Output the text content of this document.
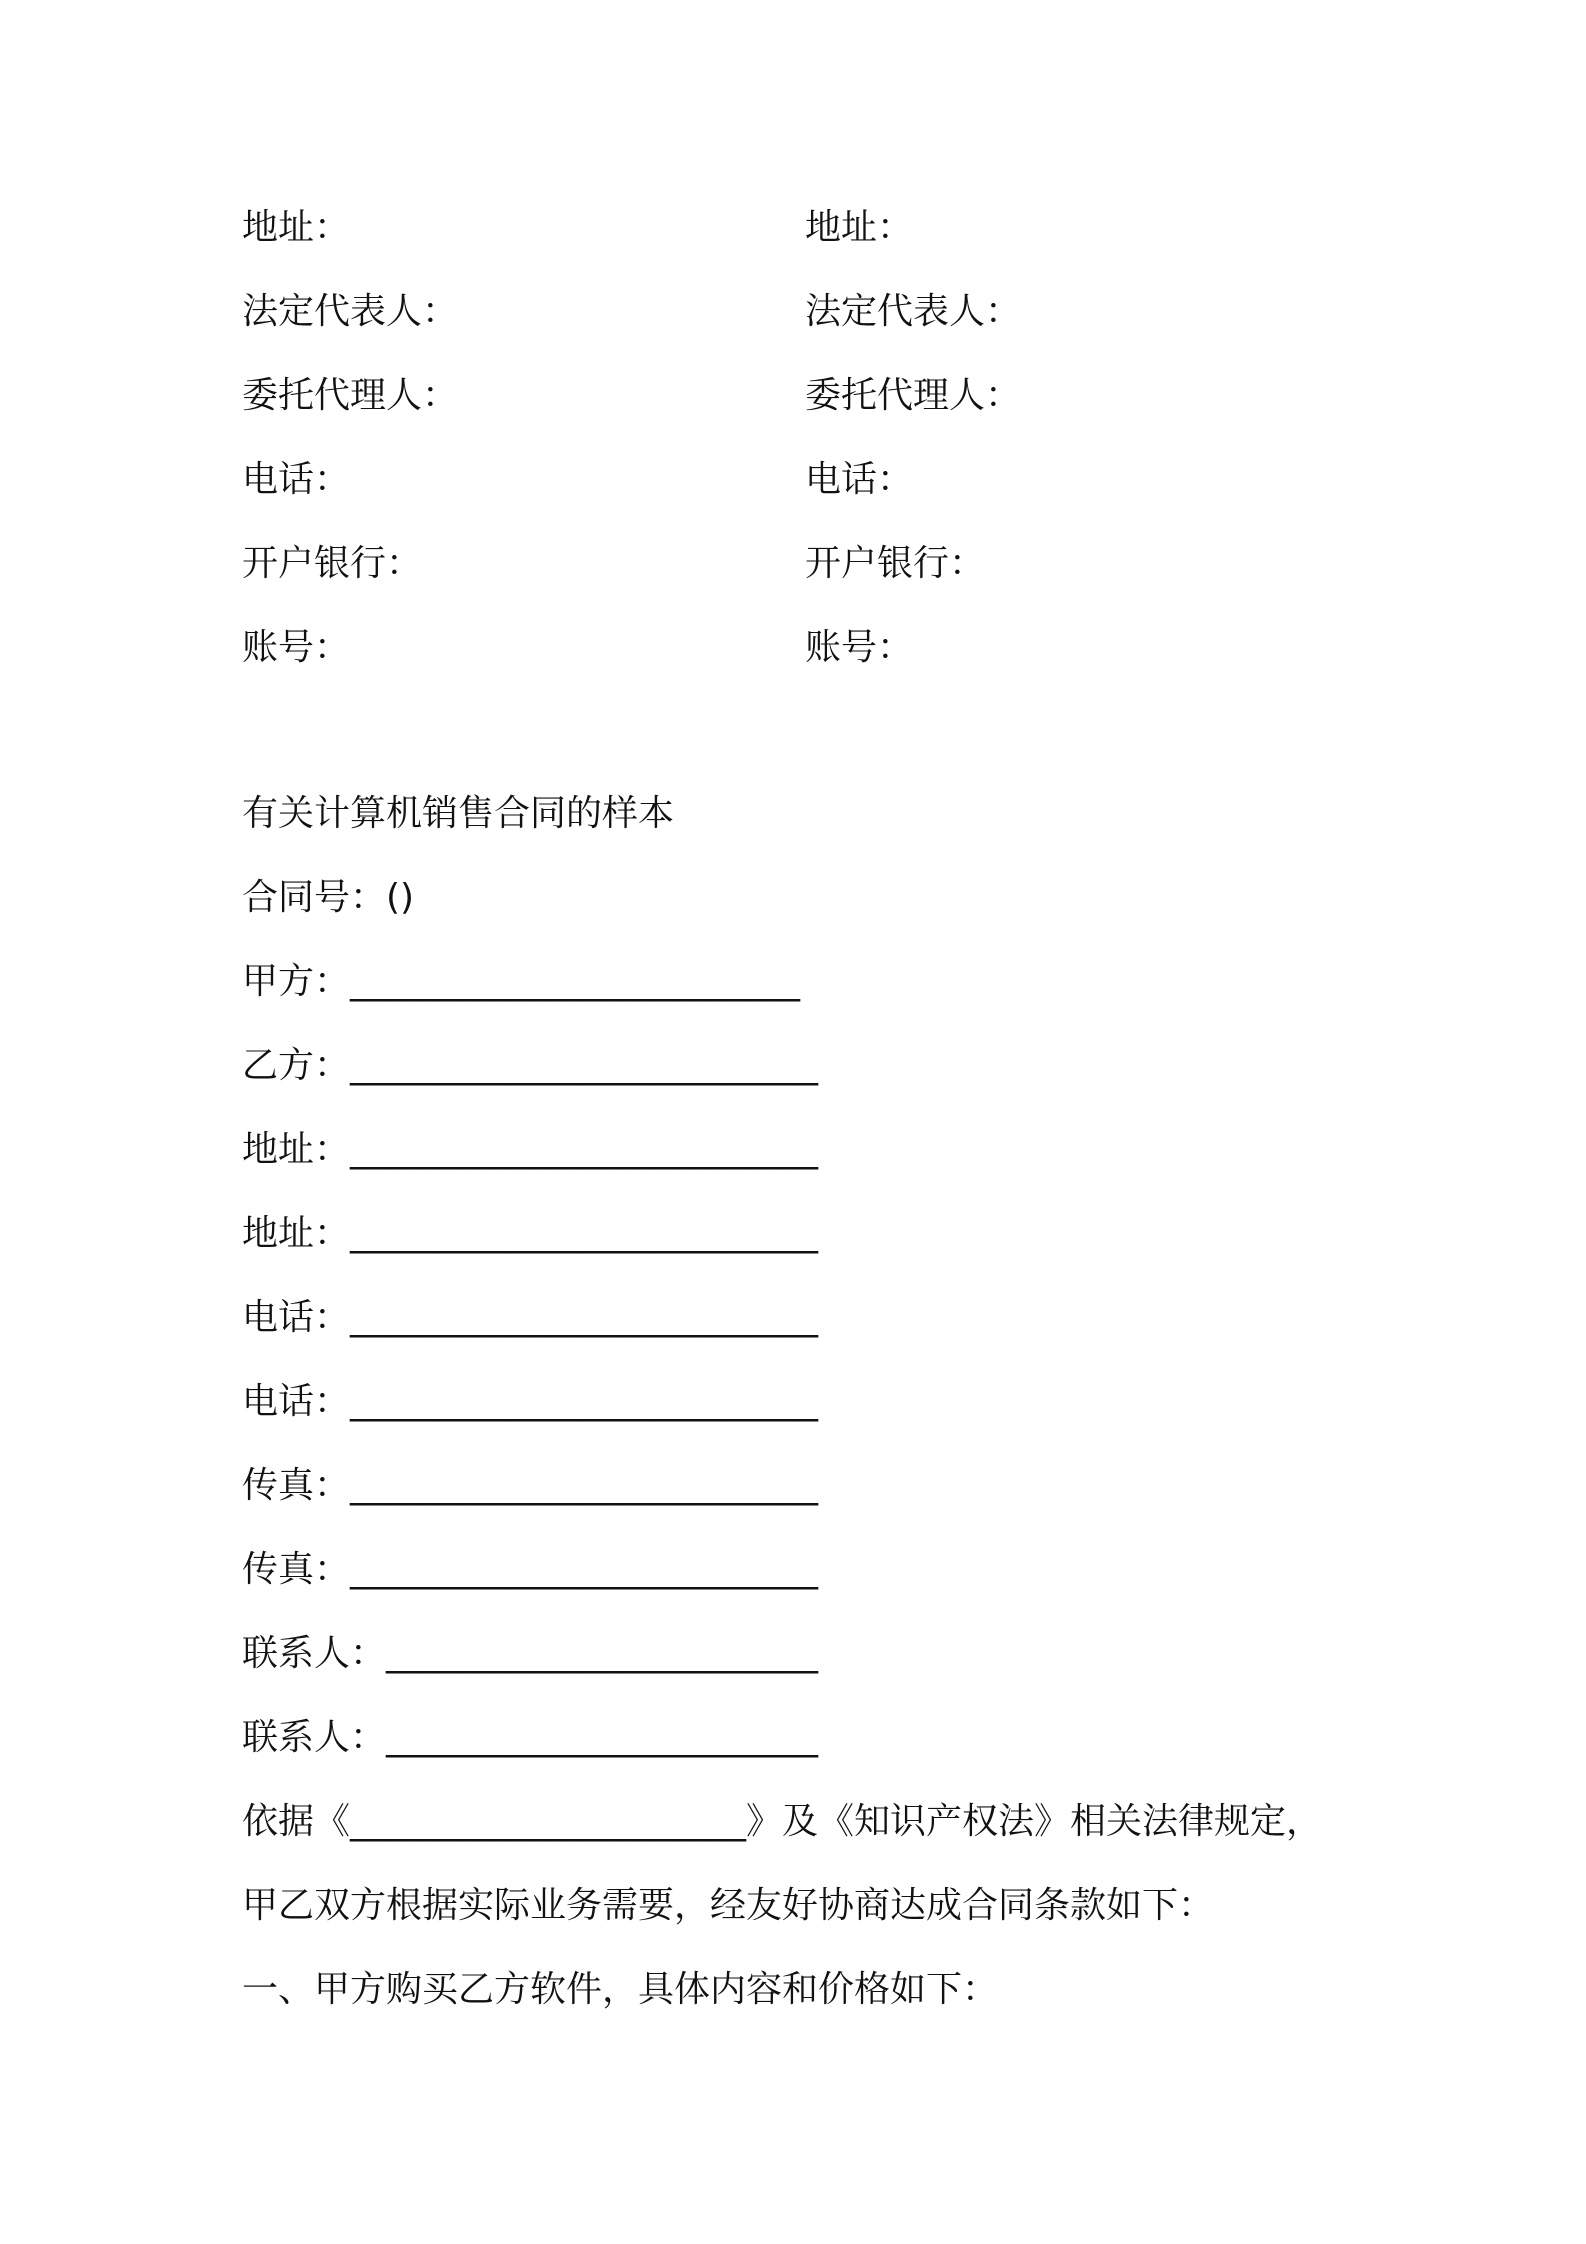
地址：	地址：
法定代表人：	法定代表人：
委托代理人：	委托代理人：
电话：	电话：
开户银行：	开户银行：
账号：	账号：
有关计算机销售合同的样本
合同号：()
甲方：_________________________
乙方：__________________________
地址：__________________________
地址：__________________________
电话：__________________________
电话：__________________________
传真：__________________________
传真：__________________________
联系人：________________________
联系人：________________________
依据《______________________》及《知识产权法》相关法律规定，
甲乙双方根据实际业务需要，经友好协商达成合同条款如下：
一、甲方购买乙方软件，具体内容和价格如下：
